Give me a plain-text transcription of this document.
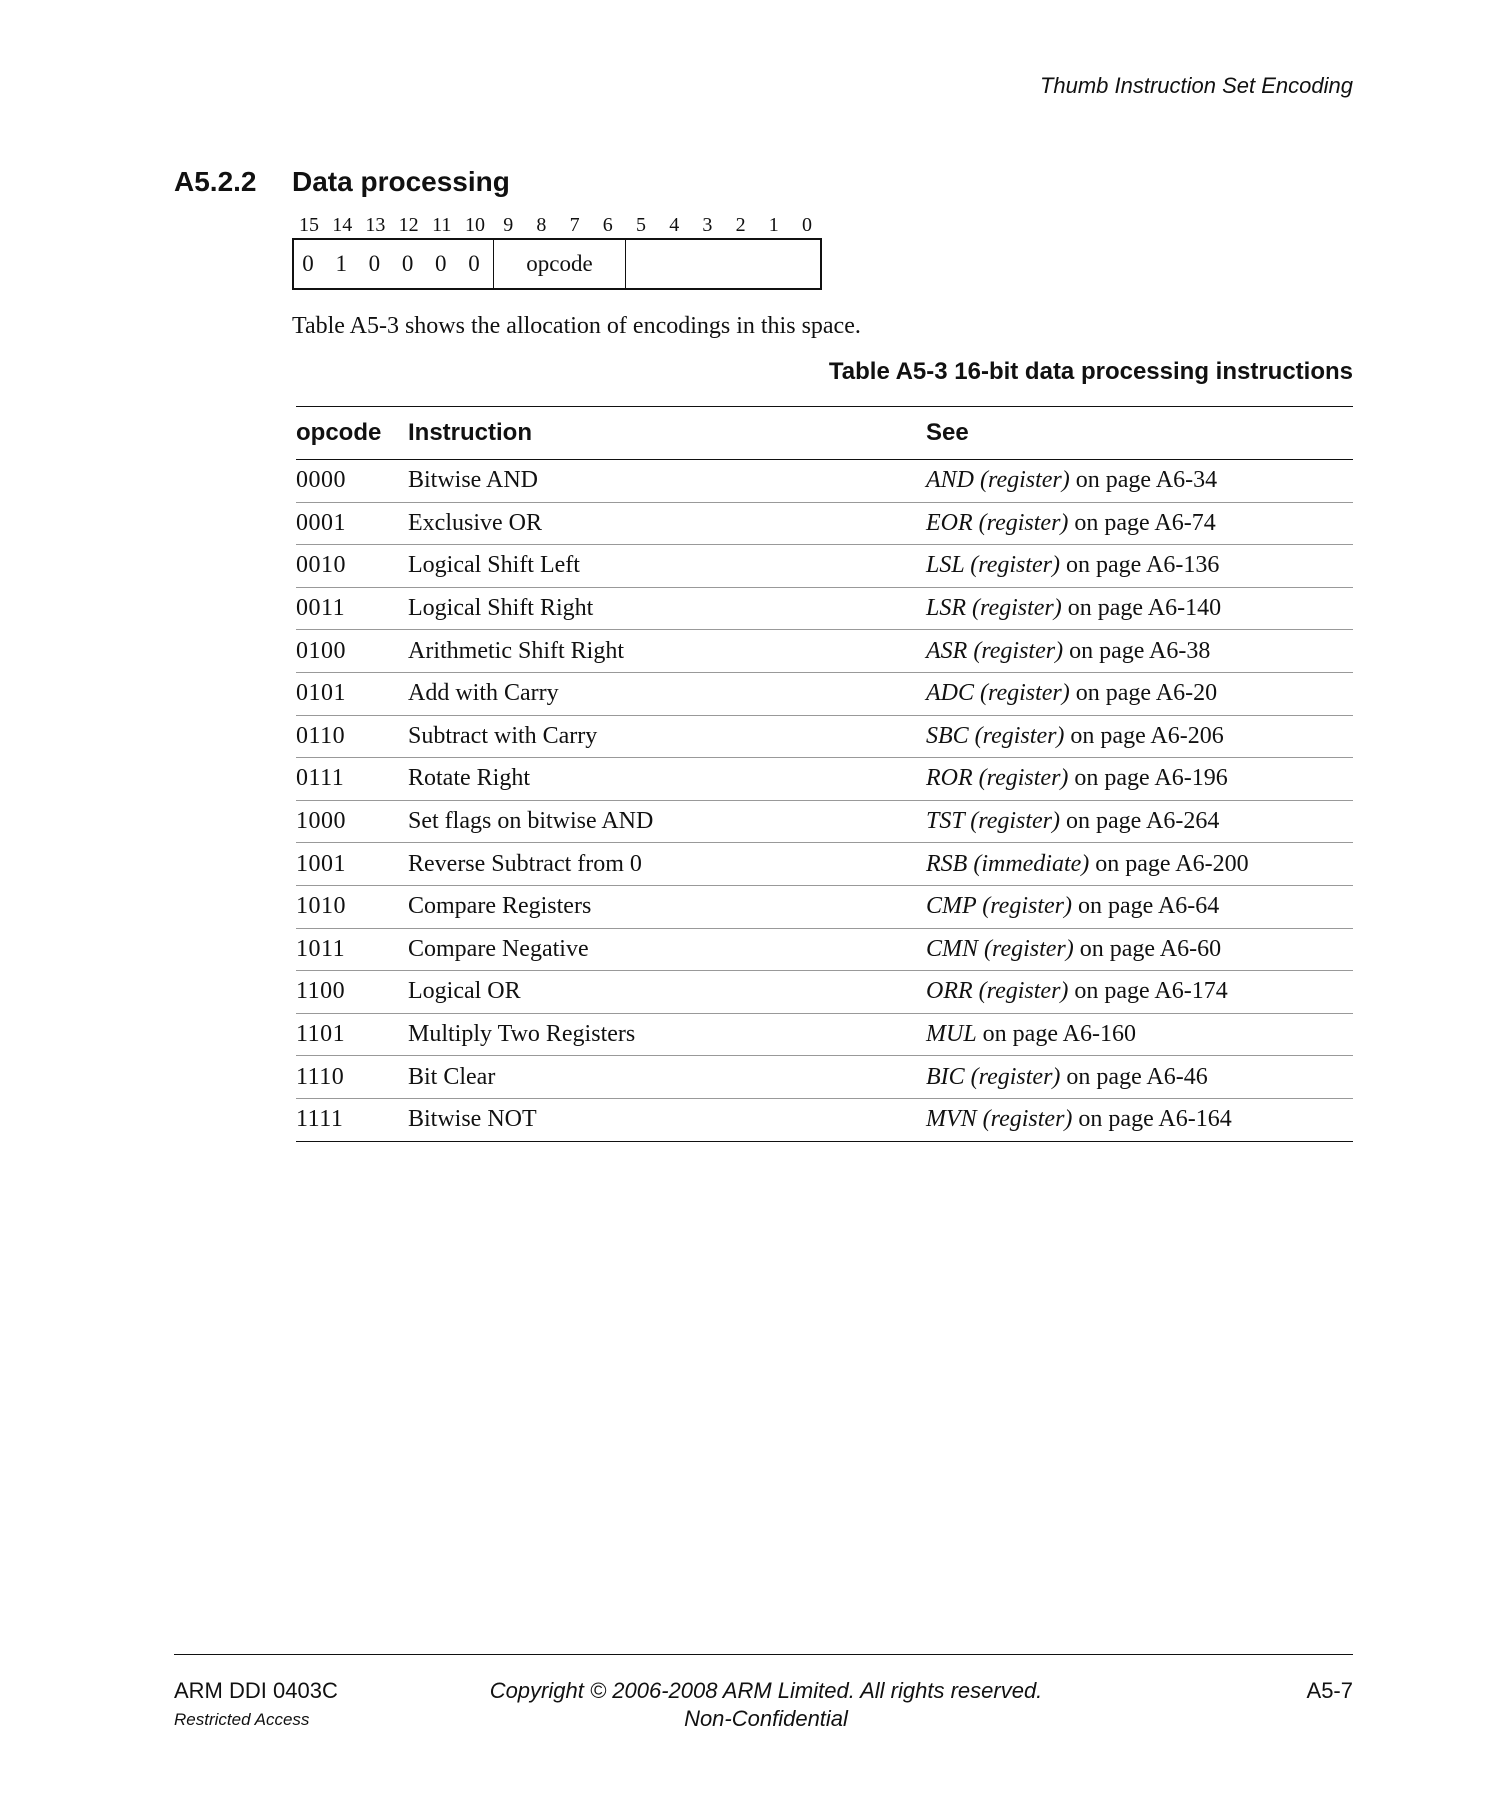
Thumb Instruction Set Encoding
A5.2.2 Data processing
15 14 13 12 11 10 9 8 7 6 5 4 3 2 1 0
0 1 0 0 0 0	opcode
Table A5-3 shows the allocation of encodings in this space.
Table A5-3 16-bit data processing instructions
opcode	Instruction	See
0000	Bitwise AND	AND (register) on page A6-34
0001	Exclusive OR	EOR (register) on page A6-74
0010	Logical Shift Left	LSL (register) on page A6-136
0011	Logical Shift Right	LSR (register) on page A6-140
0100	Arithmetic Shift Right	ASR (register) on page A6-38
0101	Add with Carry	ADC (register) on page A6-20
0110	Subtract with Carry	SBC (register) on page A6-206
0111	Rotate Right	ROR (register) on page A6-196
1000	Set flags on bitwise AND	TST (register) on page A6-264
1001	Reverse Subtract from 0	RSB (immediate) on page A6-200
1010	Compare Registers	CMP (register) on page A6-64
1011	Compare Negative	CMN (register) on page A6-60
1100	Logical OR	ORR (register) on page A6-174
1101	Multiply Two Registers	MUL on page A6-160
1110	Bit Clear	BIC (register) on page A6-46
1111	Bitwise NOT	MVN (register) on page A6-164
ARM DDI 0403C
Restricted Access
Copyright © 2006-2008 ARM Limited. All rights reserved.
Non-Confidential
A5-7
